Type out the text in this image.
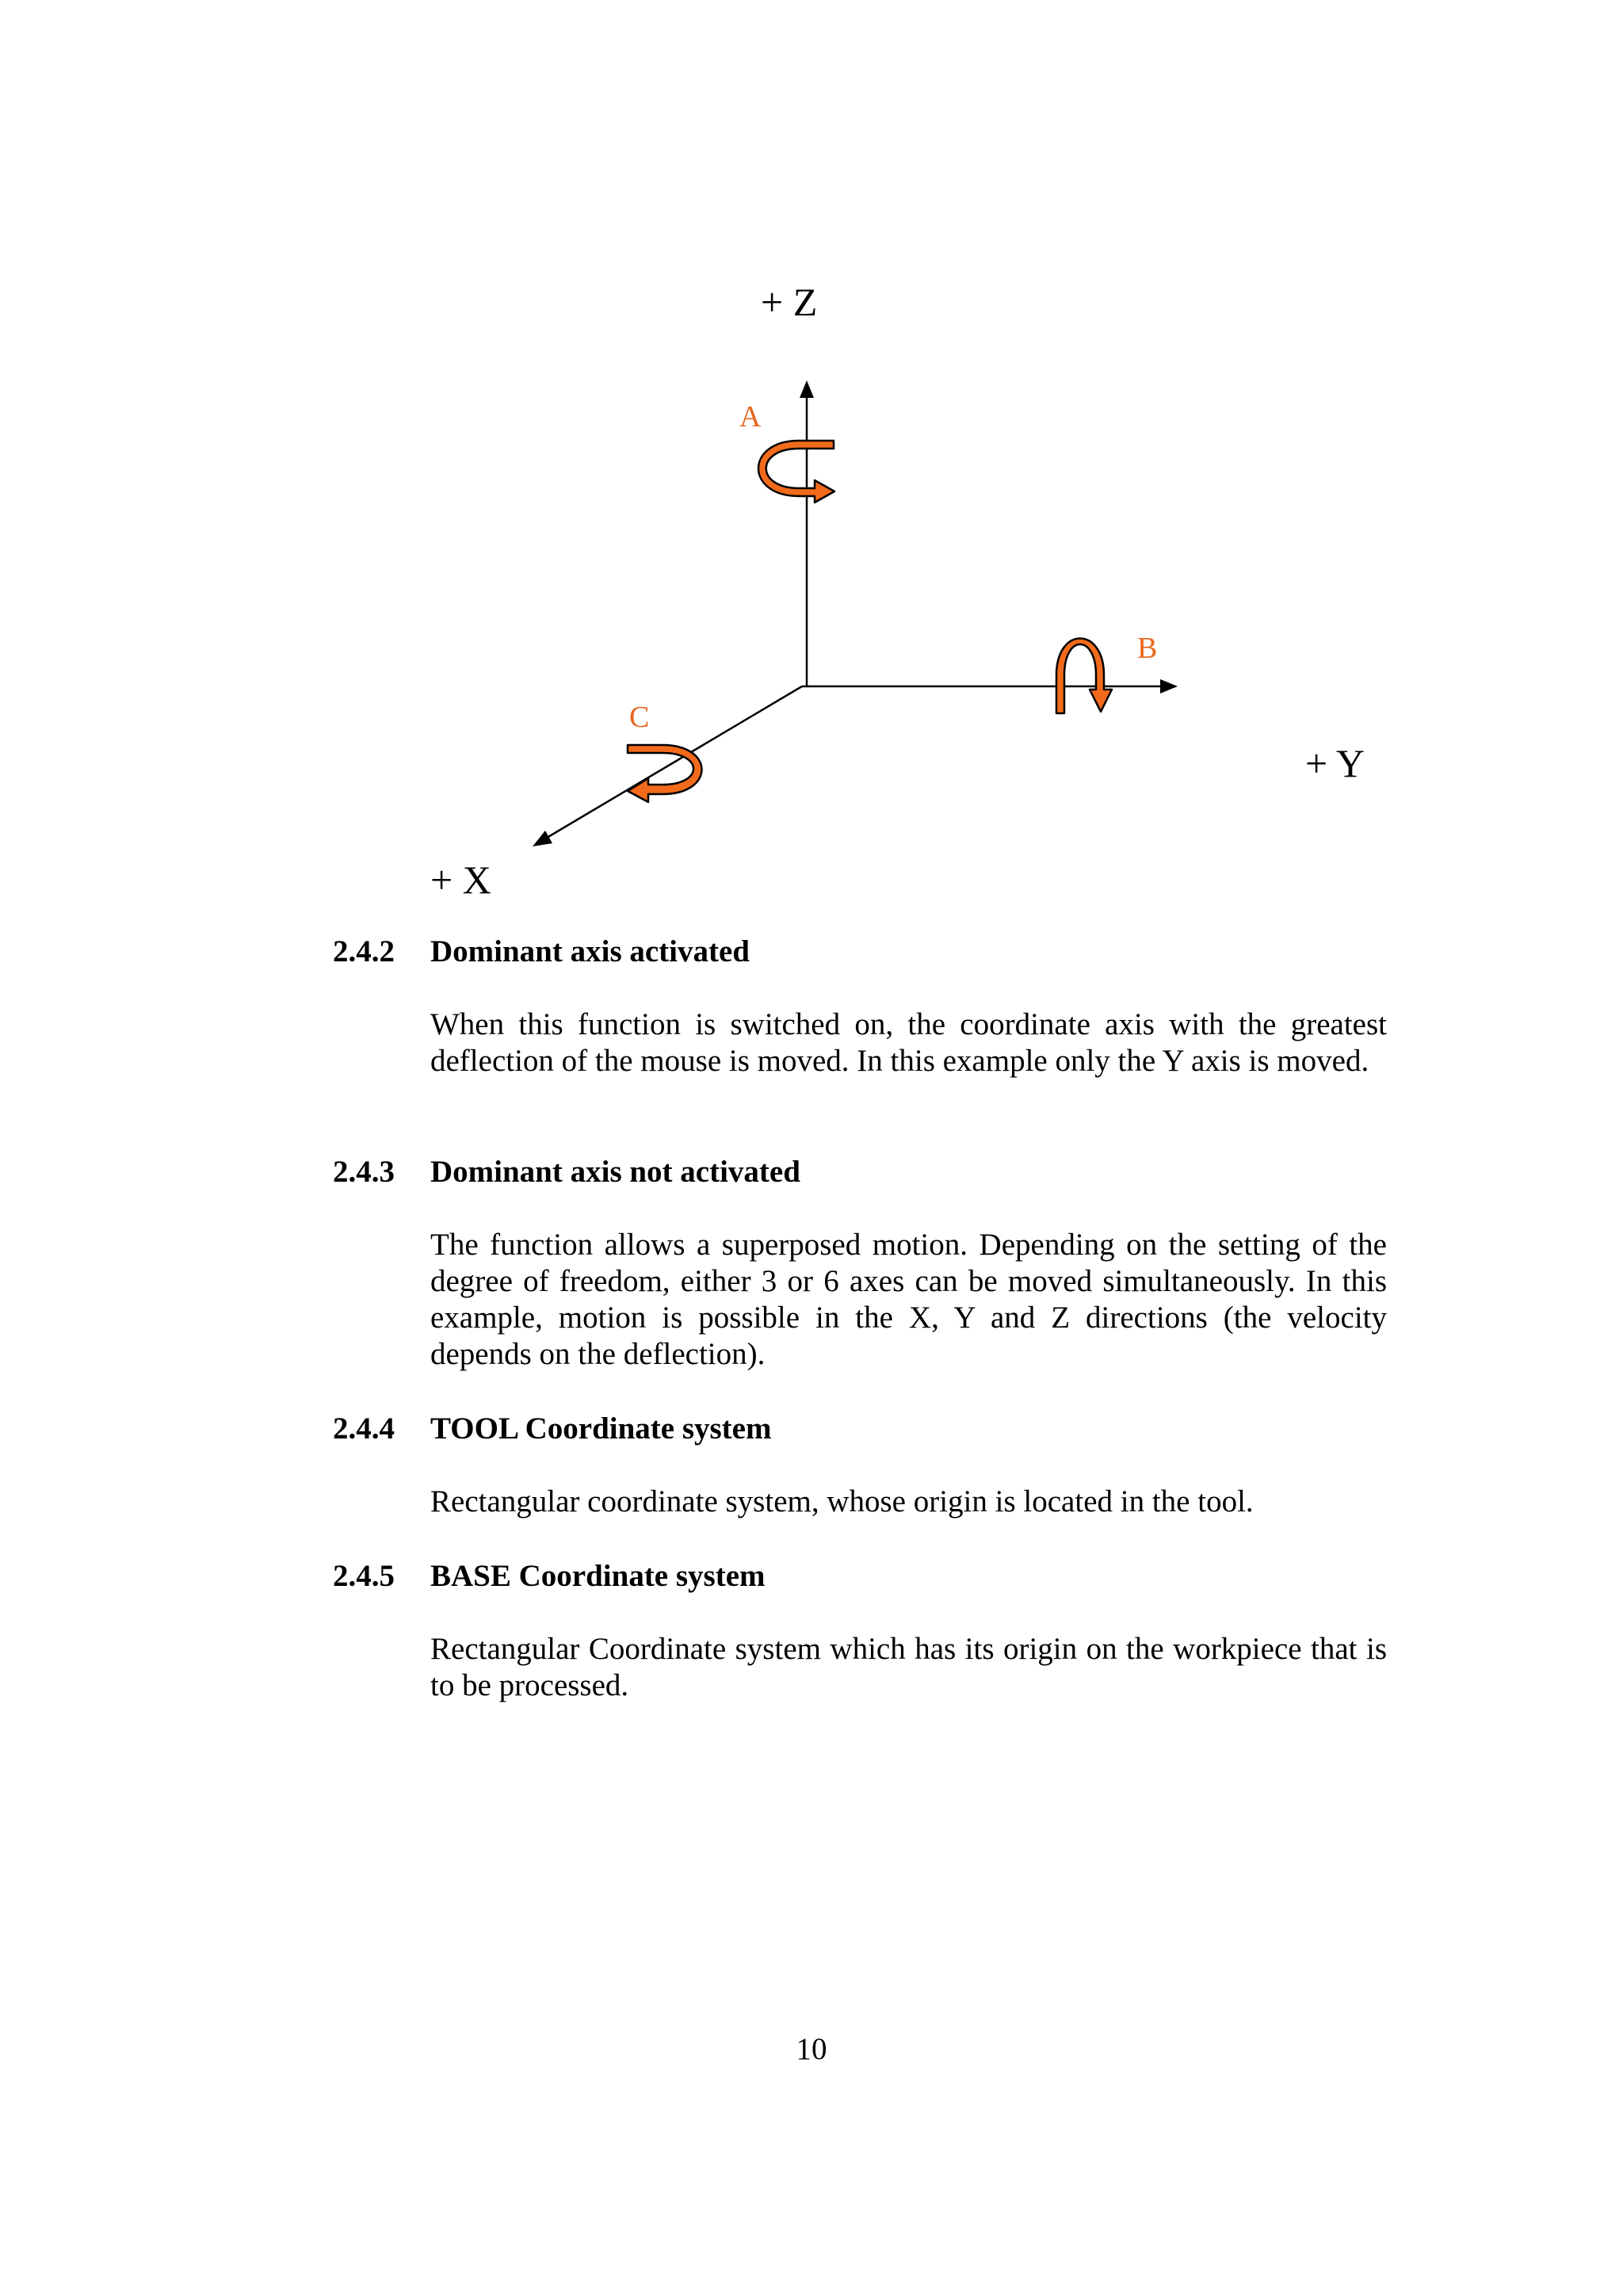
+ Z
+ Y
+ X
A
B
C
2.4.2	Dominant axis activated
When this function is switched on, the coordinate axis with the greatest deflection of the mouse is moved. In this example only the Y axis is moved.
2.4.3	Dominant axis not activated
The function allows a superposed motion. Depending on the setting of the degree of freedom, either 3 or 6 axes can be moved simultaneously. In this example, motion is possible in the X, Y and Z directions (the velocity depends on the deflection).
2.4.4	TOOL Coordinate system
Rectangular coordinate system, whose origin is located in the tool.
2.4.5	BASE Coordinate system
Rectangular Coordinate system which has its origin on the workpiece that is to be processed.
10
